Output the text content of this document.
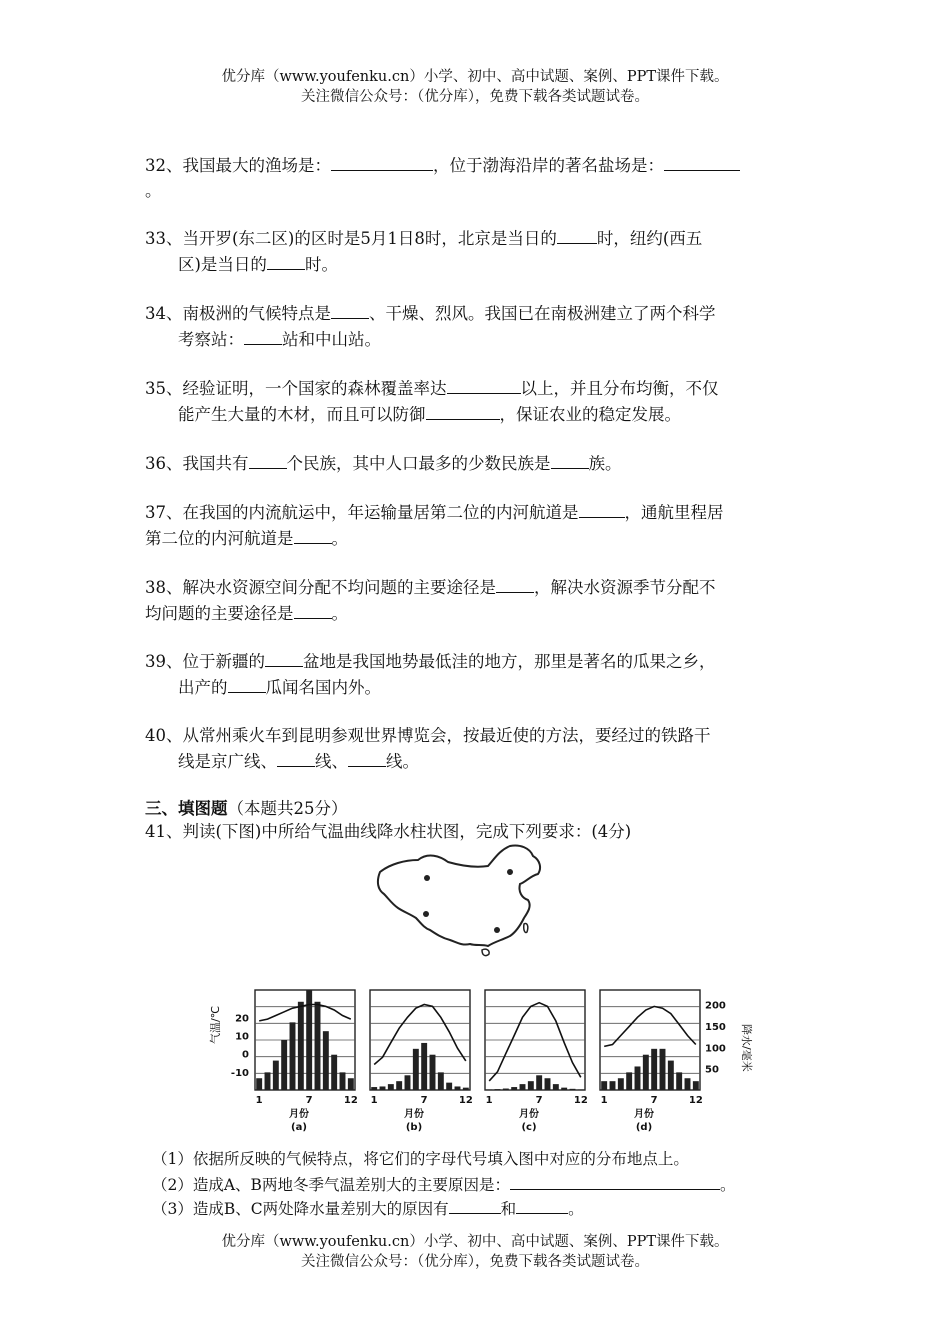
优分库（www.youfenku.cn）小学、初中、高中试题、案例、PPT课件下载。
关注微信公众号：（优分库），免费下载各类试题试卷。
32、我国最大的渔场是：	，位于渤海沿岸的著名盐场是：
。
33、当开罗(东二区)的区时是5月1日8时，北京是当日的 时，纽约(西五
区)是当日的 时。
34、南极洲的气候特点是 、干燥、烈风。我国已在南极洲建立了两个科学
考察站： 站和中山站。
35、经验证明，一个国家的森林覆盖率达	以上，并且分布均衡，不仅
能产生大量的木材，而且可以防御	，保证农业的稳定发展。
36、我国共有 个民族，其中人口最多的少数民族是 族。
37、在我国的内流航运中，年运输量居第二位的内河航道是	，通航里程居
第二位的内河航道是 。
38、解决水资源空间分配不均问题的主要途径是 ，解决水资源季节分配不
均问题的主要途径是 。
39、位于新疆的 盆地是我国地势最低洼的地方，那里是著名的瓜果之乡，
出产的 瓜闻名国内外。
40、从常州乘火车到昆明参观世界博览会，按最近使的方法，要经过的铁路干
线是京广线、 线、 线。
三、填图题（本题共25分）
41、判读(下图)中所给气温曲线降水柱状图，完成下列要求：(4分)
气温/℃	降水/毫米
20
10
0
-10
200
150
100
50
1	7	12
月份
(a)
1	7	12
月份
(b)
1	7	12
月份
(c)
1	7	12
月份
(d)
（1）依据所反映的气候特点，将它们的字母代号填入图中对应的分布地点上。
（2）造成A、B两地冬季气温差别大的主要原因是：	。
（3）造成B、C两处降水量差别大的原因有	和	。
优分库（www.youfenku.cn）小学、初中、高中试题、案例、PPT课件下载。
关注微信公众号：（优分库），免费下载各类试题试卷。
